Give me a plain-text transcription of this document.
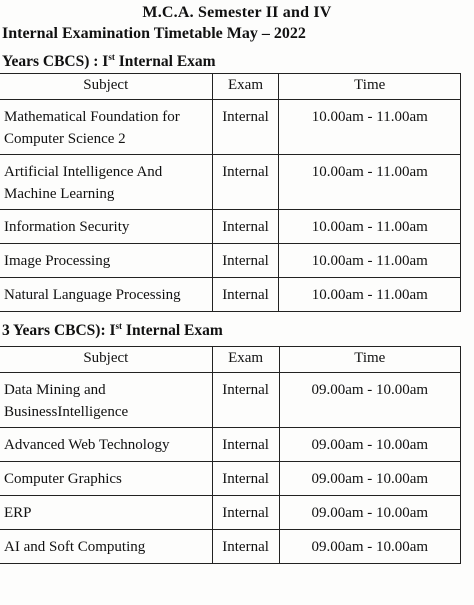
M.C.A. Semester II and IV
Internal Examination Timetable May – 2022
Years CBCS) : Ist Internal Exam
Subject	Exam	Time
Mathematical Foundation for Computer Science 2	Internal	10.00am - 11.00am
Artificial Intelligence And Machine Learning	Internal	10.00am - 11.00am
Information Security	Internal	10.00am - 11.00am
Image Processing	Internal	10.00am - 11.00am
Natural Language Processing	Internal	10.00am - 11.00am
3 Years CBCS): Ist Internal Exam
Subject	Exam	Time
Data Mining and BusinessIntelligence	Internal	09.00am - 10.00am
Advanced Web Technology	Internal	09.00am - 10.00am
Computer Graphics	Internal	09.00am - 10.00am
ERP	Internal	09.00am - 10.00am
AI and Soft Computing	Internal	09.00am - 10.00am
